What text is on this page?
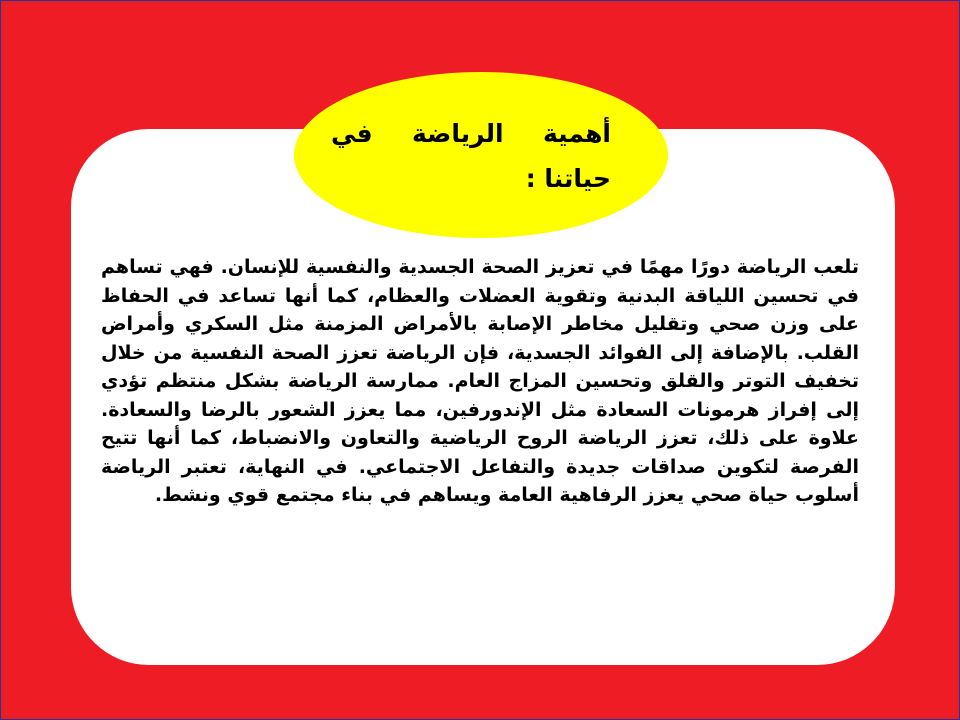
أهمية الرياضة في
حياتنا :

تلعب الرياضة دورًا مهمًا في تعزيز الصحة الجسدية والنفسية للإنسان. فهي تساهم في تحسين اللياقة البدنية وتقوية العضلات والعظام، كما أنها تساعد في الحفاظ على وزن صحي وتقليل مخاطر الإصابة بالأمراض المزمنة مثل السكري وأمراض القلب. بالإضافة إلى الفوائد الجسدية، فإن الرياضة تعزز الصحة النفسية من خلال تخفيف التوتر والقلق وتحسين المزاج العام. ممارسة الرياضة بشكل منتظم تؤدي إلى إفراز هرمونات السعادة مثل الإندورفين، مما يعزز الشعور بالرضا والسعادة. علاوة على ذلك، تعزز الرياضة الروح الرياضية والتعاون والانضباط، كما أنها تتيح الفرصة لتكوين صداقات جديدة والتفاعل الاجتماعي. في النهاية، تعتبر الرياضة أسلوب حياة صحي يعزز الرفاهية العامة ويساهم في بناء مجتمع قوي ونشط.
